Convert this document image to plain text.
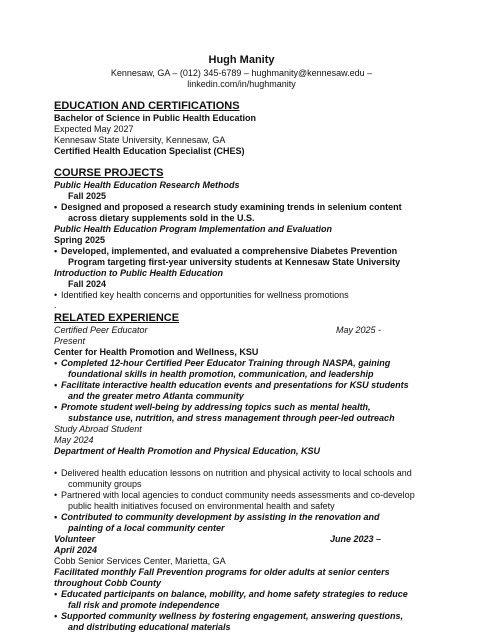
Hugh Manity
Kennesaw, GA – (012) 345-6789 – hughmanity@kennesaw.edu –
linkedin.com/in/hughmanity
EDUCATION AND CERTIFICATIONS
Bachelor of Science in Public Health Education
Expected May 2027
Kennesaw State University, Kennesaw, GA
Certified Health Education Specialist (CHES)
COURSE PROJECTS
Public Health Education Research Methods
Fall 2025
• Designed and proposed a research study examining trends in selenium content
across dietary supplements sold in the U.S.
Public Health Education Program Implementation and Evaluation
Spring 2025
• Developed, implemented, and evaluated a comprehensive Diabetes Prevention
Program targeting first-year university students at Kennesaw State University
Introduction to Public Health Education
Fall 2024
• Identified key health concerns and opportunities for wellness promotions
.
RELATED EXPERIENCE
Certified Peer Educator	May 2025 -
Present
Center for Health Promotion and Wellness, KSU
• Completed 12-hour Certified Peer Educator Training through NASPA, gaining
foundational skills in health promotion, communication, and leadership
• Facilitate interactive health education events and presentations for KSU students
and the greater metro Atlanta community
• Promote student well-being by addressing topics such as mental health,
substance use, nutrition, and stress management through peer-led outreach
Study Abroad Student
May 2024
Department of Health Promotion and Physical Education, KSU
• Delivered health education lessons on nutrition and physical activity to local schools and
community groups
• Partnered with local agencies to conduct community needs assessments and co-develop
public health initiatives focused on environmental health and safety
• Contributed to community development by assisting in the renovation and
painting of a local community center
Volunteer	June 2023 –
April 2024
Cobb Senior Services Center, Marietta, GA
Facilitated monthly Fall Prevention programs for older adults at senior centers
throughout Cobb County
• Educated participants on balance, mobility, and home safety strategies to reduce
fall risk and promote independence
• Supported community wellness by fostering engagement, answering questions,
and distributing educational materials
